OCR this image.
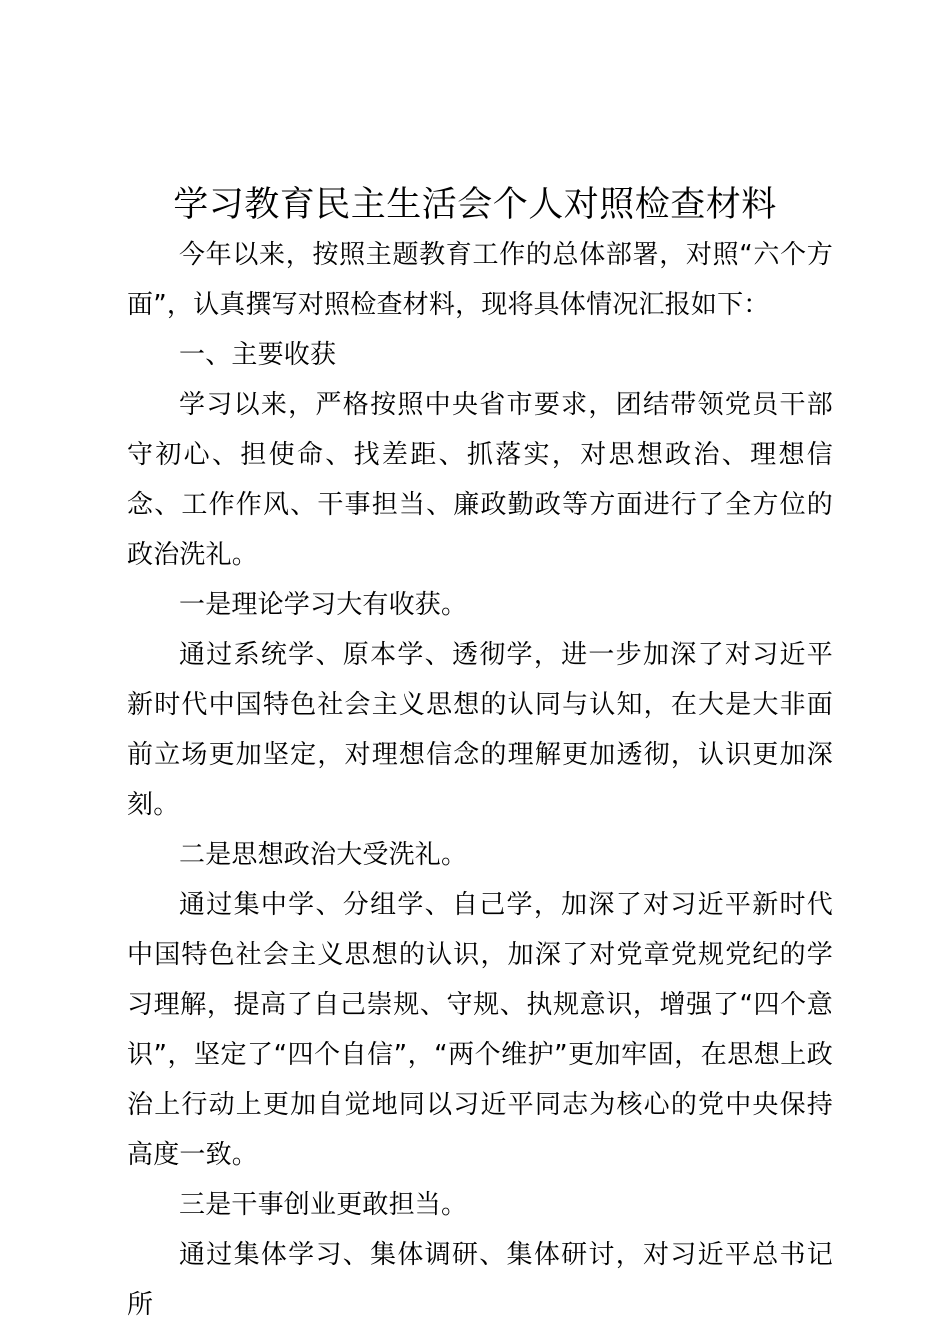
学习教育民主生活会个人对照检查材料

今年以来，按照主题教育工作的总体部署，对照“六个方面”，认真撰写对照检查材料，现将具体情况汇报如下：

一、主要收获

学习以来，严格按照中央省市要求，团结带领党员干部守初心、担使命、找差距、抓落实，对思想政治、理想信念、工作作风、干事担当、廉政勤政等方面进行了全方位的政治洗礼。

一是理论学习大有收获。

通过系统学、原本学、透彻学，进一步加深了对习近平新时代中国特色社会主义思想的认同与认知，在大是大非面前立场更加坚定，对理想信念的理解更加透彻，认识更加深刻。

二是思想政治大受洗礼。

通过集中学、分组学、自己学，加深了对习近平新时代中国特色社会主义思想的认识，加深了对党章党规党纪的学习理解，提高了自己崇规、守规、执规意识，增强了“四个意识”，坚定了“四个自信”，“两个维护”更加牢固，在思想上政治上行动上更加自觉地同以习近平同志为核心的党中央保持高度一致。

三是干事创业更敢担当。

通过集体学习、集体调研、集体研讨，对习近平总书记所
